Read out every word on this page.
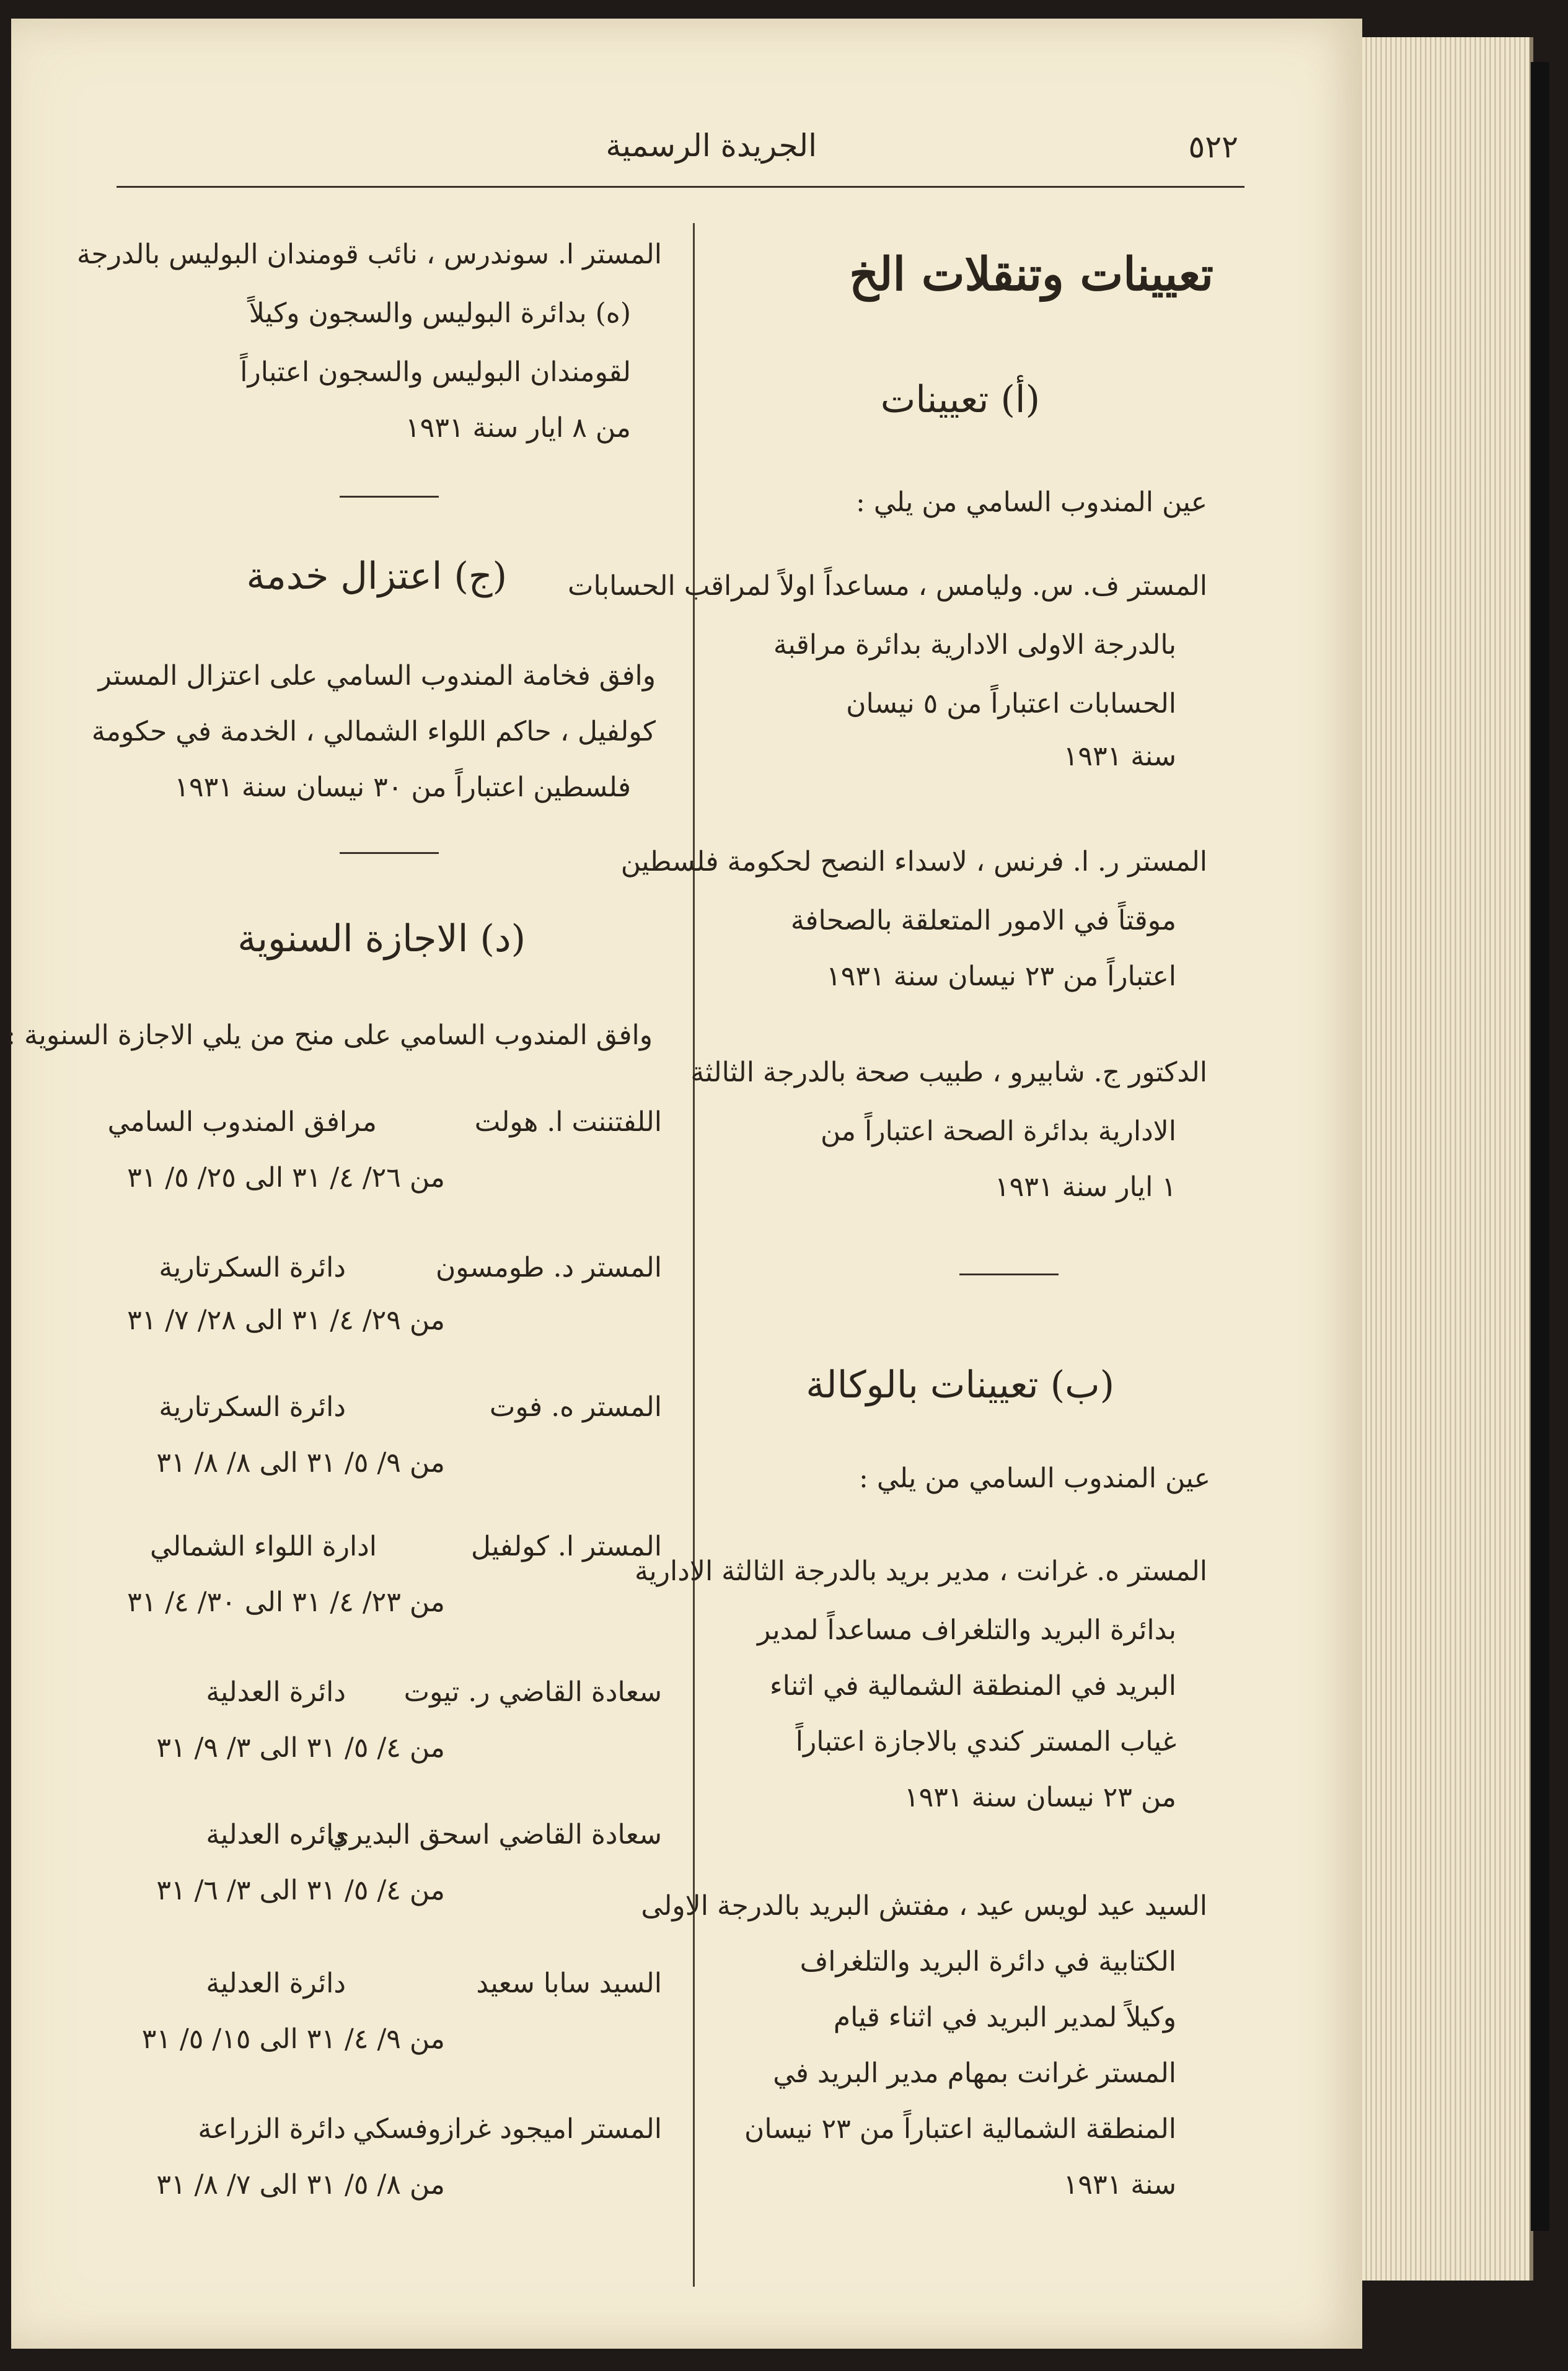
٥٢٢
الجريدة الرسمية
تعيينات وتنقلات الخ
(أ) تعيينات
عين المندوب السامي من يلي :
المستر ف. س. وليامس ، مساعداً اولاً لمراقب الحسابات
بالدرجة الاولى الادارية بدائرة مراقبة
الحسابات اعتباراً من ٥ نيسان
سنة ١٩٣١
المستر ر. ا. فرنس ، لاسداء النصح لحكومة فلسطين
موقتاً في الامور المتعلقة بالصحافة
اعتباراً من ٢٣ نيسان سنة ١٩٣١
الدكتور ج. شابيرو ، طبيب صحة بالدرجة الثالثة
الادارية بدائرة الصحة اعتباراً من
١ ايار سنة ١٩٣١
(ب) تعيينات بالوكالة
عين المندوب السامي من يلي :
المستر ه. غرانت ، مدير بريد بالدرجة الثالثة الادارية
بدائرة البريد والتلغراف مساعداً لمدير
البريد في المنطقة الشمالية في اثناء
غياب المستر كندي بالاجازة اعتباراً
من ٢٣ نيسان سنة ١٩٣١
السيد عيد لويس عيد ، مفتش البريد بالدرجة الاولى
الكتابية في دائرة البريد والتلغراف
وكيلاً لمدير البريد في اثناء قيام
المستر غرانت بمهام مدير البريد في
المنطقة الشمالية اعتباراً من ٢٣ نيسان
سنة ١٩٣١
المستر ا. سوندرس ، نائب قومندان البوليس بالدرجة
(ه) بدائرة البوليس والسجون وكيلاً
لقومندان البوليس والسجون اعتباراً
من ٨ ايار سنة ١٩٣١
(ج) اعتزال خدمة
وافق فخامة المندوب السامي على اعتزال المستر
كولفيل ، حاكم اللواء الشمالي ، الخدمة في حكومة
فلسطين اعتباراً من ٣٠ نيسان سنة ١٩٣١
(د) الاجازة السنوية
وافق المندوب السامي على منح من يلي الاجازة السنوية :
اللفتننت ا. هولت
مرافق المندوب السامي
من ٢٦/ ٤/ ٣١ الى ٢٥/ ٥/ ٣١
المستر د. طومسون
دائرة السكرتارية
من ٢٩/ ٤/ ٣١ الى ٢٨/ ٧/ ٣١
المستر ه. فوت
دائرة السكرتارية
من ٩/ ٥/ ٣١ الى ٨/ ٨/ ٣١
المستر ا. كولفيل
ادارة اللواء الشمالي
من ٢٣/ ٤/ ٣١ الى ٣٠/ ٤/ ٣١
سعادة القاضي ر. تيوت
دائرة العدلية
من ٤/ ٥/ ٣١ الى ٣/ ٩/ ٣١
سعادة القاضي اسحق البديري
دائره العدلية
من ٤/ ٥/ ٣١ الى ٣/ ٦/ ٣١
السيد سابا سعيد
دائرة العدلية
من ٩/ ٤/ ٣١ الى ١٥/ ٥/ ٣١
المستر اميجود غرازوفسكي
دائرة الزراعة
من ٨/ ٥/ ٣١ الى ٧/ ٨/ ٣١
